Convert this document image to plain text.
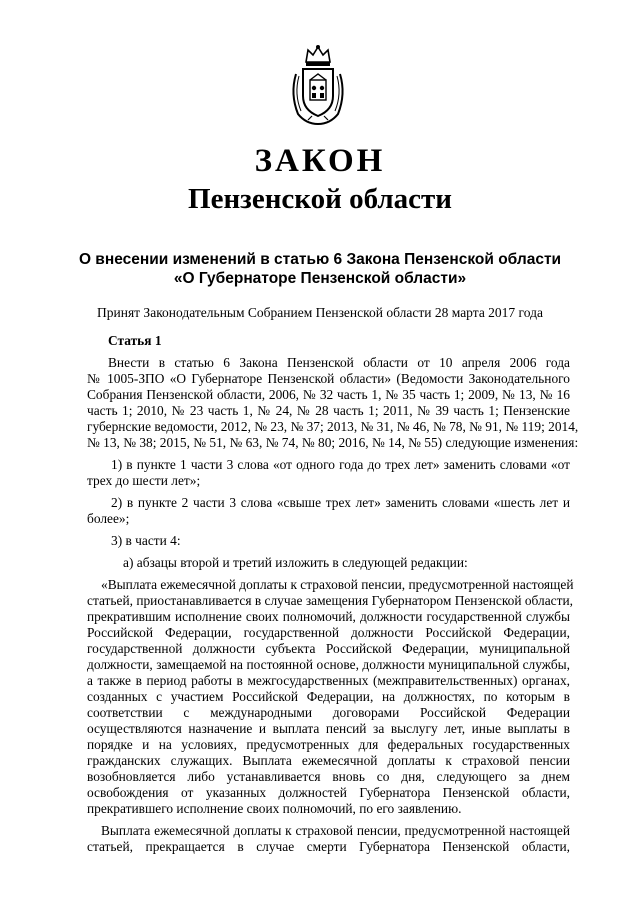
ЗАКОН
Пензенской области
О внесении изменений в статью 6 Закона Пензенской области
«О Губернаторе Пензенской области»
Принят Законодательным Собранием Пензенской области 28 марта 2017 года
Статья 1
Внести в статью 6 Закона Пензенской области от 10 апреля 2006 года
№ 1005-ЗПО «О Губернаторе Пензенской области» (Ведомости Законодательного
Собрания Пензенской области, 2006, № 32 часть 1, № 35 часть 1; 2009, № 13, № 16
часть 1; 2010, № 23 часть 1, № 24, № 28 часть 1; 2011, № 39 часть 1; Пензенские
губернские ведомости, 2012, № 23, № 37; 2013, № 31, № 46, № 78, № 91, № 119; 2014,
№ 13, № 38; 2015, № 51, № 63, № 74, № 80; 2016, № 14, № 55) следующие изменения:
1) в пункте 1 части 3 слова «от одного года до трех лет» заменить словами «от
трех до шести лет»;
2) в пункте 2 части 3 слова «свыше трех лет» заменить словами «шесть лет и
более»;
3) в части 4:
а) абзацы второй и третий изложить в следующей редакции:
«Выплата ежемесячной доплаты к страховой пенсии, предусмотренной настоящей
статьей, приостанавливается в случае замещения Губернатором Пензенской области,
прекратившим исполнение своих полномочий, должности государственной службы
Российской Федерации, государственной должности Российской Федерации,
государственной должности субъекта Российской Федерации, муниципальной
должности, замещаемой на постоянной основе, должности муниципальной службы,
а также в период работы в межгосударственных (межправительственных) органах,
созданных с участием Российской Федерации, на должностях, по которым в
соответствии с международными договорами Российской Федерации
осуществляются назначение и выплата пенсий за выслугу лет, иные выплаты в
порядке и на условиях, предусмотренных для федеральных государственных
гражданских служащих. Выплата ежемесячной доплаты к страховой пенсии
возобновляется либо устанавливается вновь со дня, следующего за днем
освобождения от указанных должностей Губернатора Пензенской области,
прекратившего исполнение своих полномочий, по его заявлению.
Выплата ежемесячной доплаты к страховой пенсии, предусмотренной настоящей
статьей, прекращается в случае смерти Губернатора Пензенской области,
